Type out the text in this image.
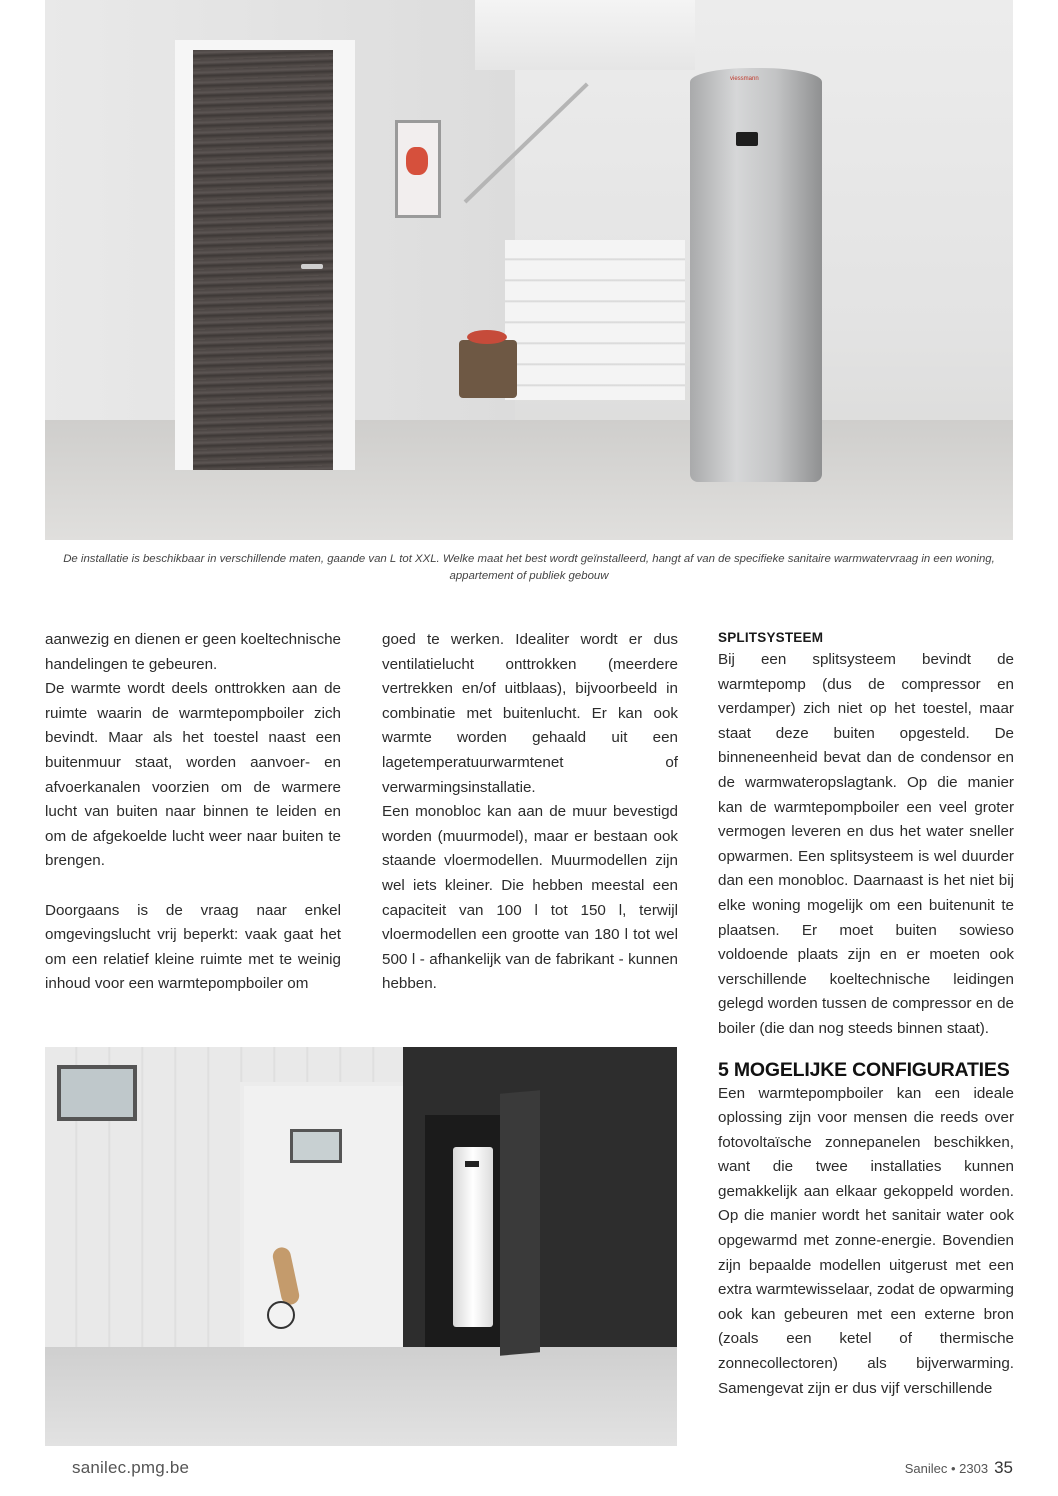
viessmann
De installatie is beschikbaar in verschillende maten, gaande van L tot XXL. Welke maat het best wordt geïnstalleerd, hangt af van de specifieke sanitaire warmwatervraag in een woning, appartement of publiek gebouw

aanwezig en dienen er geen koeltechnische handelingen te gebeuren.

De warmte wordt deels onttrokken aan de ruimte waarin de warmtepompboiler zich bevindt. Maar als het toestel naast een buitenmuur staat, worden aanvoer- en afvoerkanalen voorzien om de warmere lucht van buiten naar binnen te leiden en om de afgekoelde lucht weer naar buiten te brengen.

Doorgaans is de vraag naar enkel omgevingslucht vrij beperkt: vaak gaat het om een relatief kleine ruimte met te weinig inhoud voor een warmtepompboiler om

goed te werken. Idealiter wordt er dus ventilatielucht onttrokken (meerdere vertrekken en/of uitblaas), bijvoorbeeld in combinatie met buitenlucht. Er kan ook warmte worden gehaald uit een lagetemperatuurwarmtenet of verwarmingsinstallatie.

Een monobloc kan aan de muur bevestigd worden (muurmodel), maar er bestaan ook staande vloermodellen. Muurmodellen zijn wel iets kleiner. Die hebben meestal een capaciteit van 100 l tot 150 l, terwijl vloermodellen een grootte van 180 l tot wel 500 l - afhankelijk van de fabrikant - kunnen hebben.

SPLITSYSTEEM

Bij een splitsysteem bevindt de warmtepomp (dus de compressor en verdamper) zich niet op het toestel, maar staat deze buiten opgesteld. De binneneenheid bevat dan de condensor en de warmwateropslagtank. Op die manier kan de warmtepompboiler een veel groter vermogen leveren en dus het water sneller opwarmen. Een splitsysteem is wel duurder dan een monobloc. Daarnaast is het niet bij elke woning mogelijk om een buitenunit te plaatsen. Er moet buiten sowieso voldoende plaats zijn en er moeten ook verschillende koeltechnische leidingen gelegd worden tussen de compressor en de boiler (die dan nog steeds binnen staat).

5 MOGELIJKE CONFIGURATIES

Een warmtepompboiler kan een ideale oplossing zijn voor mensen die reeds over fotovoltaïsche zonnepanelen beschikken, want die twee installaties kunnen gemakkelijk aan elkaar gekoppeld worden. Op die manier wordt het sanitair water ook opgewarmd met zonne-energie. Bovendien zijn bepaalde modellen uitgerust met een extra warmtewisselaar, zodat de opwarming ook kan gebeuren met een externe bron (zoals een ketel of thermische zonnecollectoren) als bijverwarming. Samengevat zijn er dus vijf verschillende

sanilec.pmg.be	Sanilec • 2303 35
